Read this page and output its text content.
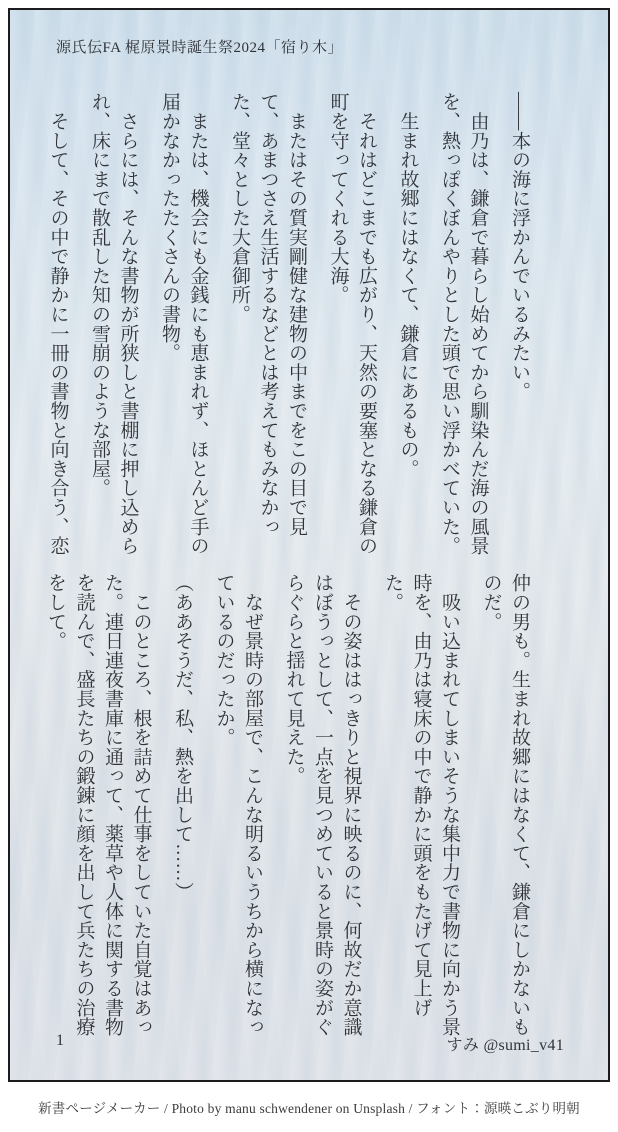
源氏伝FA 梶原景時誕生祭2024「宿り木」

――本の海に浮かんでいるみたい。

　由乃は、鎌倉で暮らし始めてから馴染んだ海の風景を、熱っぽくぼんやりとした頭で思い浮かべていた。

　生まれ故郷にはなくて、鎌倉にあるもの。

　それはどこまでも広がり、天然の要塞となる鎌倉の町を守ってくれる大海。

　またはその質実剛健な建物の中までをこの目で見て、あまつさえ生活するなどとは考えてもみなかった、堂々とした大倉御所。

　または、機会にも金銭にも恵まれず、ほとんど手の届かなかったたくさんの書物。

　さらには、そんな書物が所狭しと書棚に押し込められ、床にまで散乱した知の雪崩のような部屋。

　そして、その中で静かに一冊の書物と向き合う、恋

仲の男も。生まれ故郷にはなくて、鎌倉にしかないものだ。

　吸い込まれてしまいそうな集中力で書物に向かう景時を、由乃は寝床の中で静かに頭をもたげて見上げた。

　その姿ははっきりと視界に映るのに、何故だか意識はぼうっとして、一点を見つめていると景時の姿がぐらぐらと揺れて見えた。

　なぜ景時の部屋で、こんな明るいうちから横になっているのだったか。

（ああそうだ、私、熱を出して……）

　このところ、根を詰めて仕事をしていた自覚はあった。連日連夜書庫に通って、薬草や人体に関する書物を読んで、盛長たちの鍛錬に顔を出して兵たちの治療をして。

1	すみ @sumi_v41
新書ページメーカー / Photo by manu schwendener on Unsplash / フォント：源暎こぶり明朝
